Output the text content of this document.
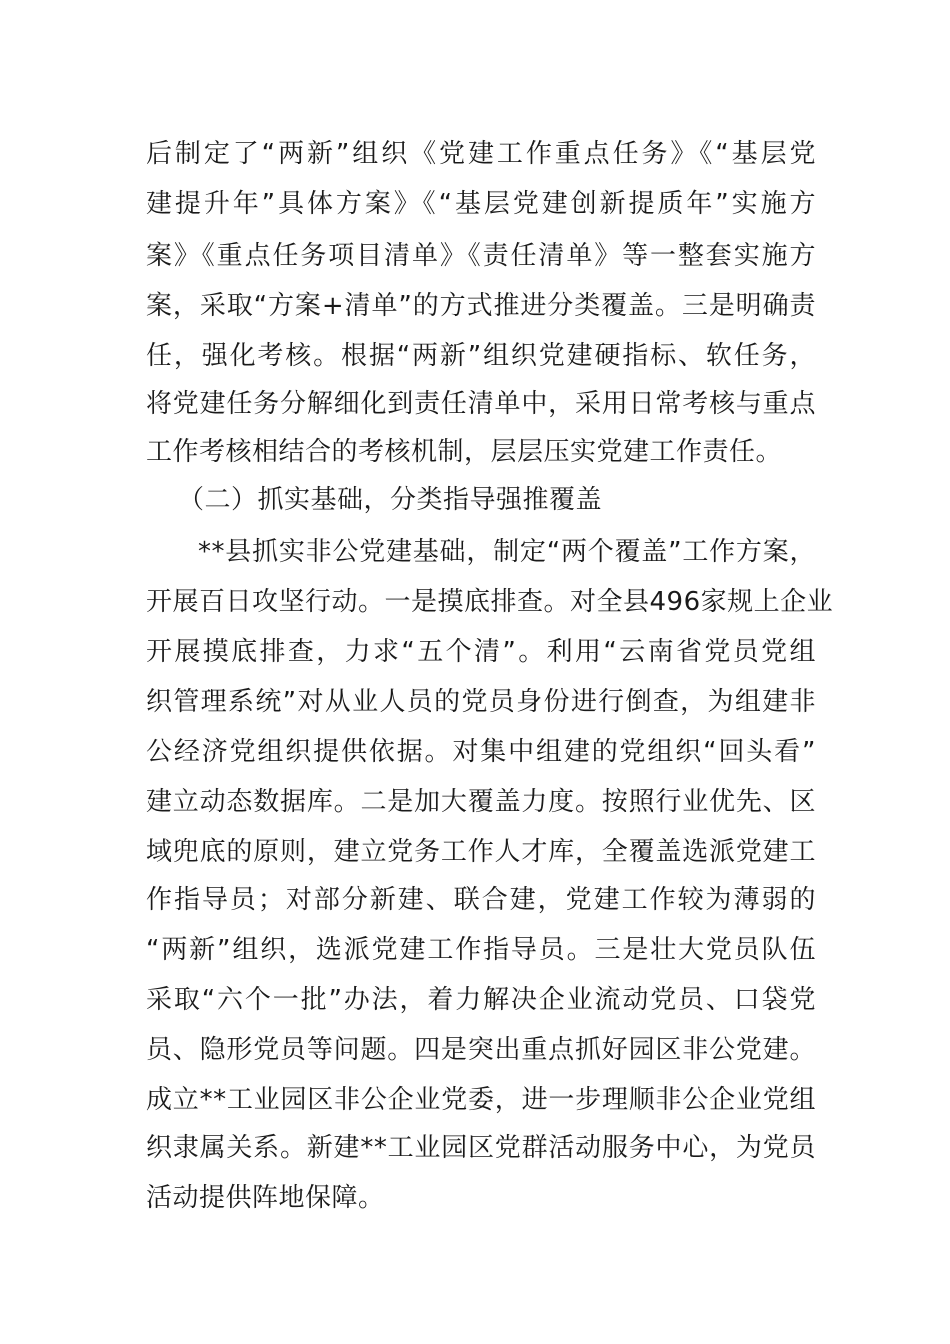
后制定了“两新”组织《党建工作重点任务》《“基层党
建提升年”具体方案》《“基层党建创新提质年”实施方
案》《重点任务项目清单》《责任清单》等一整套实施方
案，采取“方案+清单”的方式推进分类覆盖。三是明确责
任，强化考核。根据“两新”组织党建硬指标、软任务，
将党建任务分解细化到责任清单中，采用日常考核与重点
工作考核相结合的考核机制，层层压实党建工作责任。
（二）抓实基础，分类指导强推覆盖
**县抓实非公党建基础，制定“两个覆盖”工作方案，
开展百日攻坚行动。一是摸底排查。对全县496家规上企业
开展摸底排查，力求“五个清”。利用“云南省党员党组
织管理系统”对从业人员的党员身份进行倒查，为组建非
公经济党组织提供依据。对集中组建的党组织“回头看”
建立动态数据库。二是加大覆盖力度。按照行业优先、区
域兜底的原则，建立党务工作人才库，全覆盖选派党建工
作指导员；对部分新建、联合建，党建工作较为薄弱的
“两新”组织，选派党建工作指导员。三是壮大党员队伍
采取“六个一批”办法，着力解决企业流动党员、口袋党
员、隐形党员等问题。四是突出重点抓好园区非公党建。
成立**工业园区非公企业党委，进一步理顺非公企业党组
织隶属关系。新建**工业园区党群活动服务中心，为党员
活动提供阵地保障。
